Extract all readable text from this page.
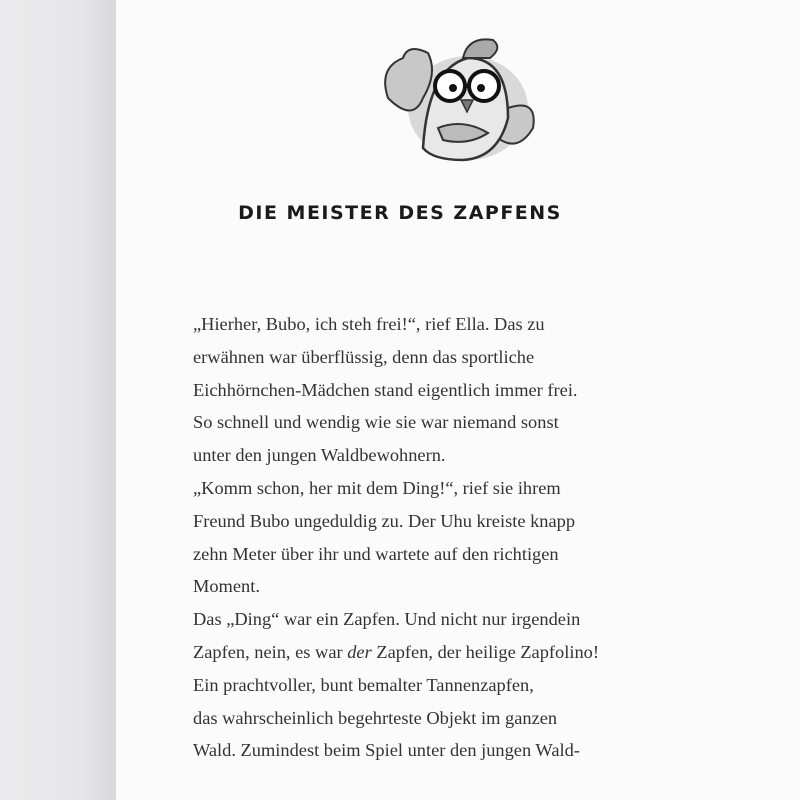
DIE MEISTER DES ZAPFENS
„Hierher, Bubo, ich steh frei!“, rief Ella. Das zu
erwähnen war überflüssig, denn das sportliche
Eichhörnchen-Mädchen stand eigentlich immer frei.
So schnell und wendig wie sie war niemand sonst
unter den jungen Waldbewohnern.
„Komm schon, her mit dem Ding!“, rief sie ihrem
Freund Bubo ungeduldig zu. Der Uhu kreiste knapp
zehn Meter über ihr und wartete auf den richtigen
Moment.
Das „Ding“ war ein Zapfen. Und nicht nur irgendein
Zapfen, nein, es war der Zapfen, der heilige Zapfolino!
Ein prachtvoller, bunt bemalter Tannenzapfen,
das wahrscheinlich begehrteste Objekt im ganzen
Wald. Zumindest beim Spiel unter den jungen Wald-
